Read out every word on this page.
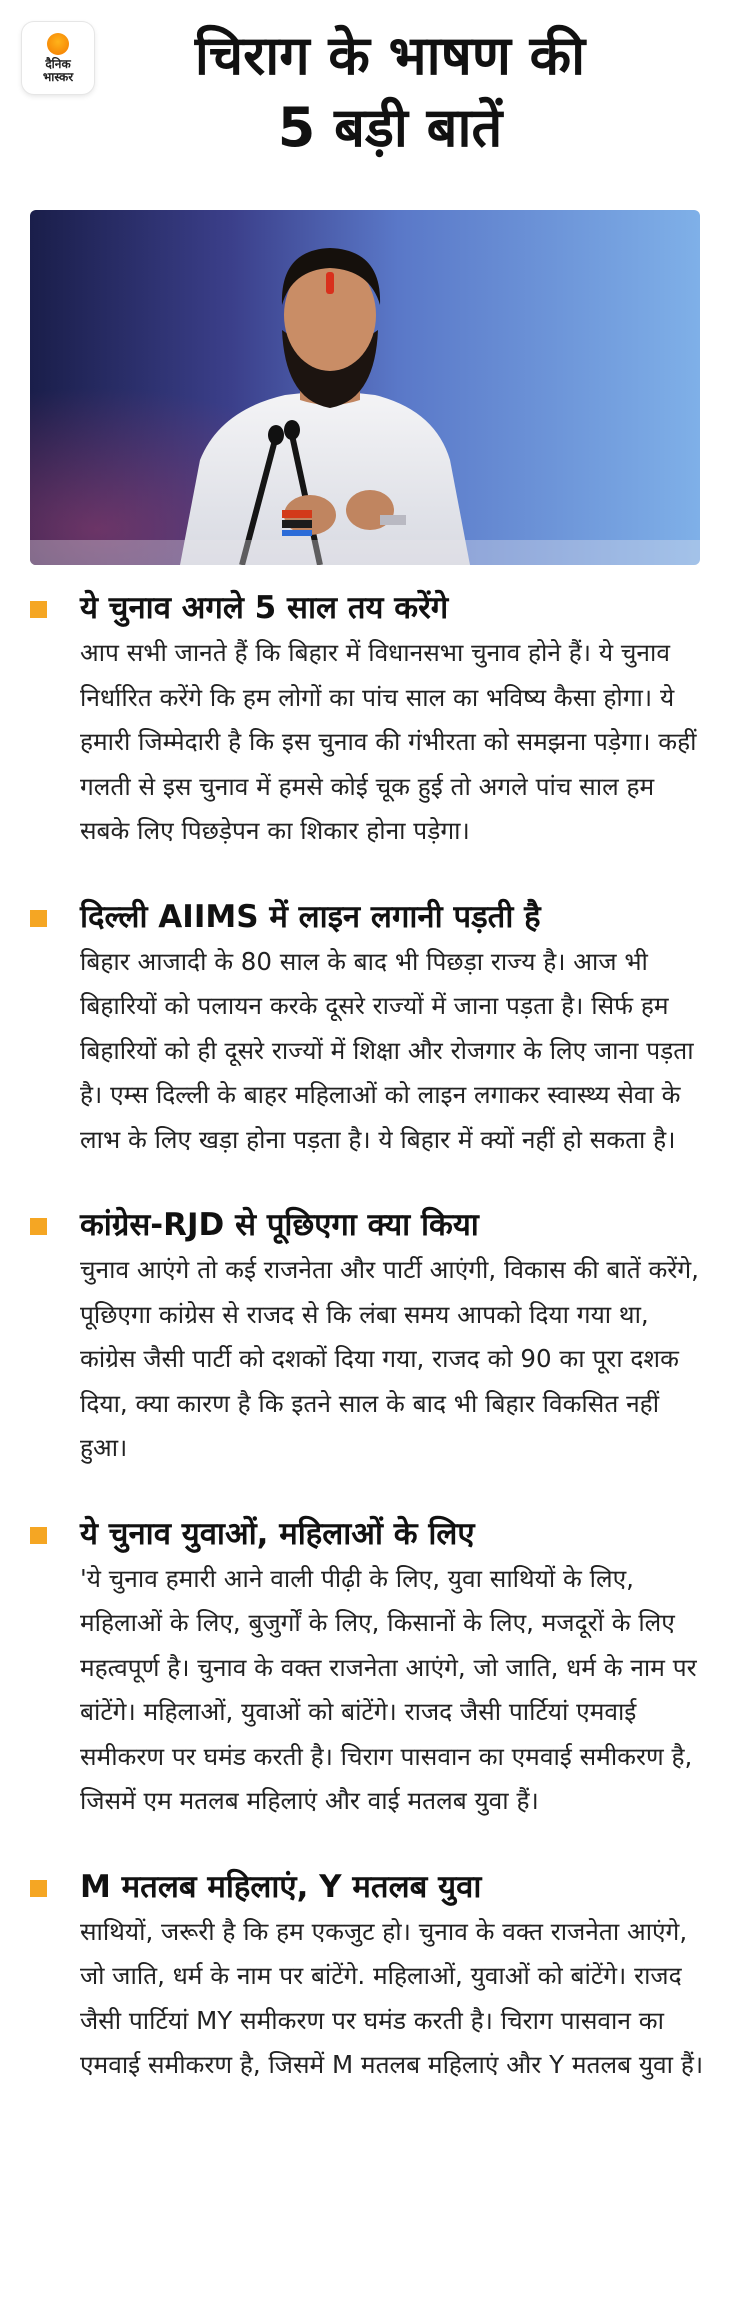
दैनिक
भास्कर	चिराग के भाषण की
5 बड़ी बातें
ये चुनाव अगले 5 साल तय करेंगे
आप सभी जानते हैं कि बिहार में विधानसभा चुनाव होने हैं। ये चुनाव निर्धारित करेंगे कि हम लोगों का पांच साल का भविष्य कैसा होगा। ये हमारी जिम्मेदारी है कि इस चुनाव की गंभीरता को समझना पड़ेगा। कहीं गलती से इस चुनाव में हमसे कोई चूक हुई तो अगले पांच साल हम सबके लिए पिछड़ेपन का शिकार होना पड़ेगा।
दिल्ली AIIMS में लाइन लगानी पड़ती है
बिहार आजादी के 80 साल के बाद भी पिछड़ा राज्य है। आज भी बिहारियों को पलायन करके दूसरे राज्यों में जाना पड़ता है। सिर्फ हम बिहारियों को ही दूसरे राज्यों में शिक्षा और रोजगार के लिए जाना पड़ता है। एम्स दिल्ली के बाहर महिलाओं को लाइन लगाकर स्वास्थ्य सेवा के लाभ के लिए खड़ा होना पड़ता है। ये बिहार में क्यों नहीं हो सकता है।
कांग्रेस-RJD से पूछिएगा क्या किया
चुनाव आएंगे तो कई राजनेता और पार्टी आएंगी, विकास की बातें करेंगे, पूछिएगा कांग्रेस से राजद से कि लंबा समय आपको दिया गया था, कांग्रेस जैसी पार्टी को दशकों दिया गया, राजद को 90 का पूरा दशक दिया, क्या कारण है कि इतने साल के बाद भी बिहार विकसित नहीं हुआ।
ये चुनाव युवाओं, महिलाओं के लिए
'ये चुनाव हमारी आने वाली पीढ़ी के लिए, युवा साथियों के लिए, महिलाओं के लिए, बुजुर्गों के लिए, किसानों के लिए, मजदूरों के लिए महत्वपूर्ण है। चुनाव के वक्त राजनेता आएंगे, जो जाति, धर्म के नाम पर बांटेंगे। महिलाओं, युवाओं को बांटेंगे। राजद जैसी पार्टियां एमवाई समीकरण पर घमंड करती है। चिराग पासवान का एमवाई समीकरण है, जिसमें एम मतलब महिलाएं और वाई मतलब युवा हैं।
M मतलब महिलाएं, Y मतलब युवा
साथियों, जरूरी है कि हम एकजुट हो। चुनाव के वक्त राजनेता आएंगे, जो जाति, धर्म के नाम पर बांटेंगे. महिलाओं, युवाओं को बांटेंगे। राजद जैसी पार्टियां MY समीकरण पर घमंड करती है। चिराग पासवान का एमवाई समीकरण है, जिसमें M मतलब महिलाएं और Y मतलब युवा हैं।
